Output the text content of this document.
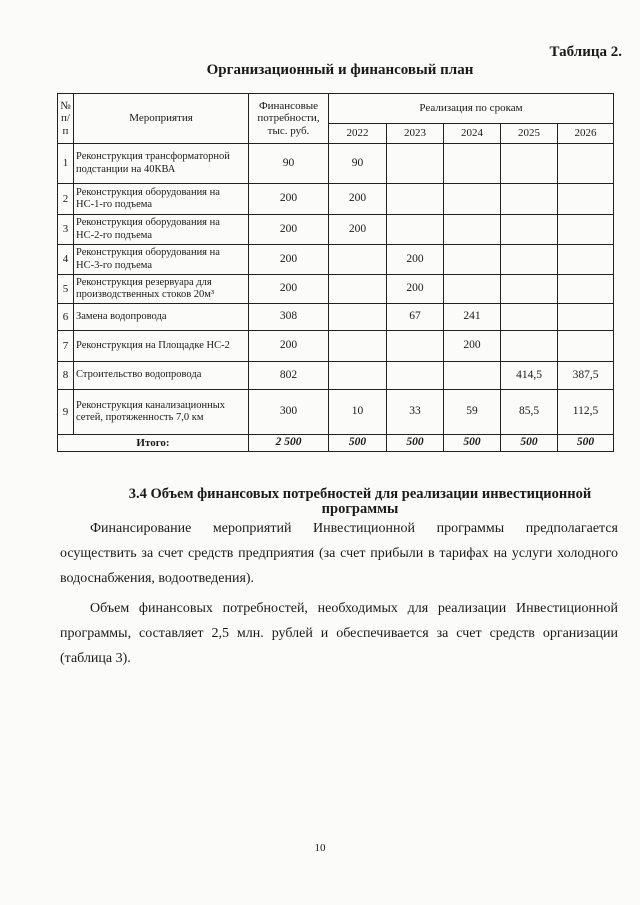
Таблица 2.
Организационный и финансовый план
№ п/ п	Мероприятия	Финансовые потребности, тыс. руб.	Реализация по срокам				
			2022	2023	2024	2025	2026
1	Реконструкция трансформаторной подстанции на 40КВА	90	90				
2	Реконструкция оборудования на НС-1-го подъема	200	200				
3	Реконструкция оборудования на НС-2-го подъема	200	200				
4	Реконструкция оборудования на НС-3-го подъема	200		200			
5	Реконструкция резервуара для производственных стоков 20м³	200		200			
6	Замена водопровода	308		67	241		
7	Реконструкция на Площадке НС-2	200			200		
8	Строительство водопровода	802				414,5	387,5
9	Реконструкция канализационных сетей, протяженность 7,0 км	300	10	33	59	85,5	112,5
Итого:		2 500	500	500	500	500	500
3.4 Объем финансовых потребностей для реализации инвестиционной программы

Финансирование мероприятий Инвестиционной программы предполагается осуществить за счет средств предприятия (за счет прибыли в тарифах на услуги холодного водоснабжения, водоотведения).

Объем финансовых потребностей, необходимых для реализации Инвестиционной программы, составляет 2,5 млн. рублей и обеспечивается за счет средств организации (таблица 3).

10
